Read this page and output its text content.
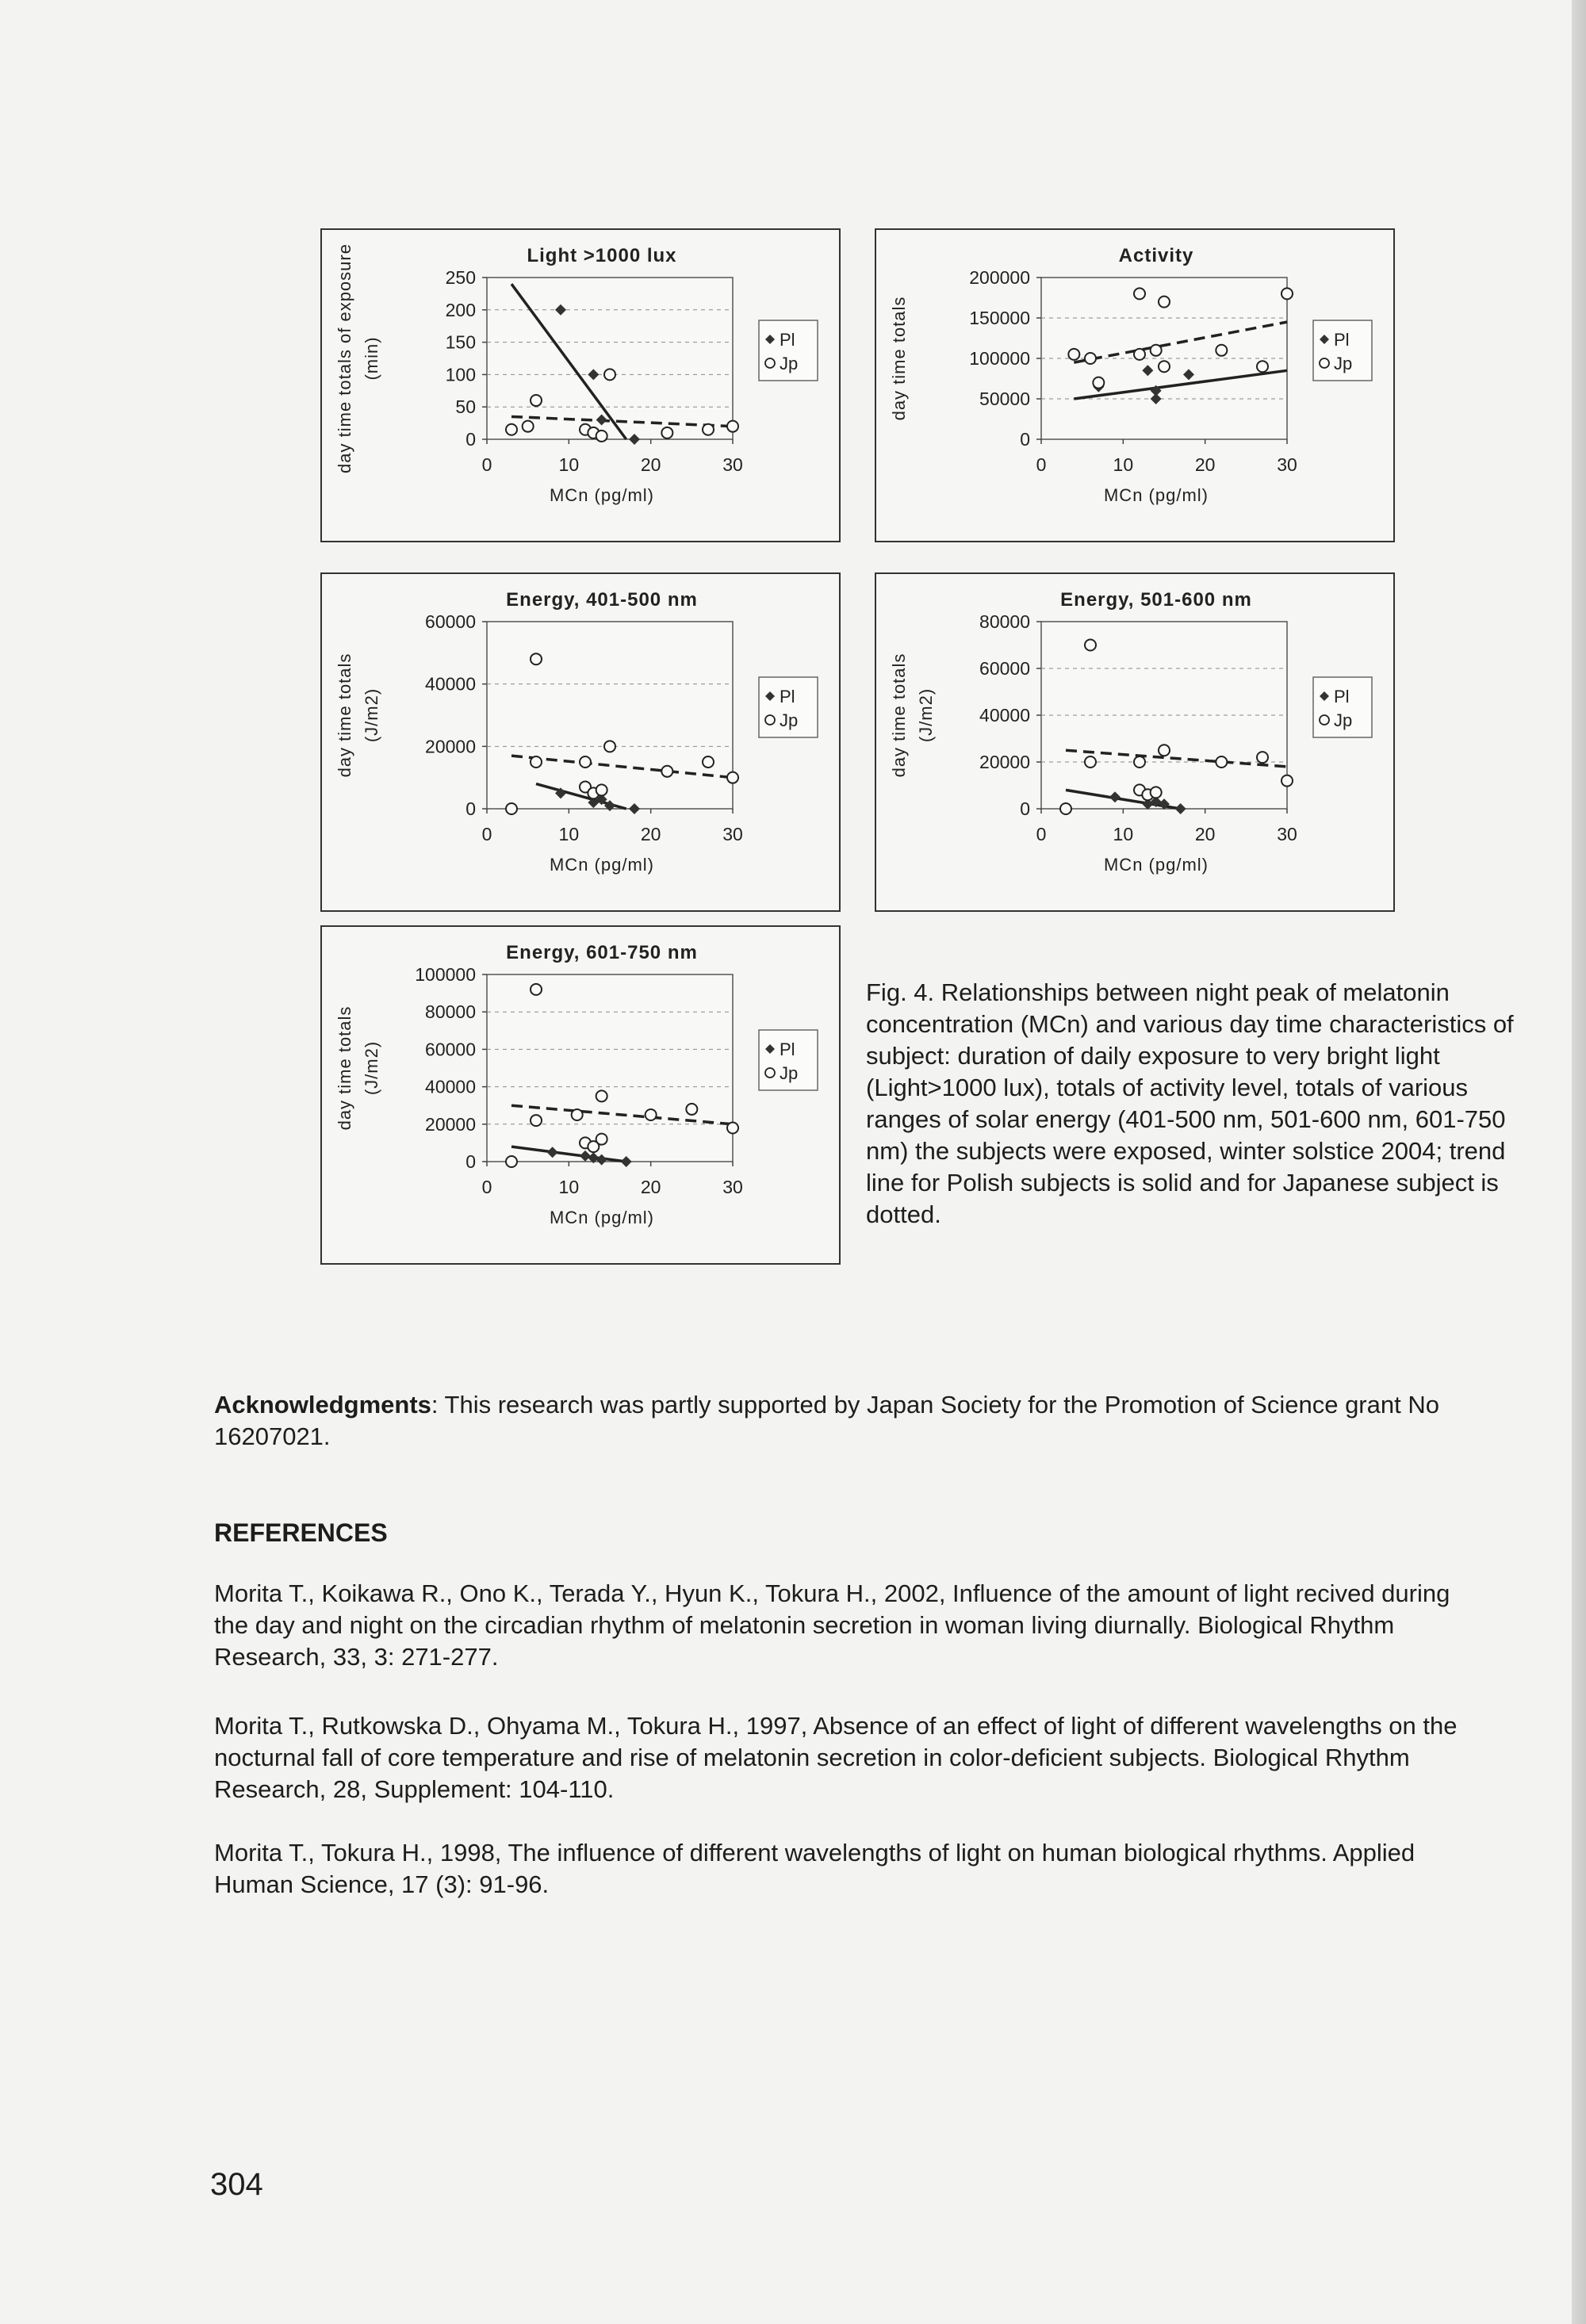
Light >1000 lux
0
50
100
150
200
250
0	10	20	30
MCn (pg/ml)
day time totals of exposure (min)	Pl
Jp
Activity
0
50000
100000
150000
200000
0	10	20	30
MCn (pg/ml)
day time totals	Pl
Jp
Energy, 401-500 nm
0
20000
40000
60000
0	10	20	30
MCn (pg/ml)
day time totals (J/m2)	Pl
Jp
Energy, 501-600 nm
0
20000
40000
60000
80000
0	10	20	30
MCn (pg/ml)
day time totals (J/m2)	Pl
Jp
Energy, 601-750 nm
0
20000
40000
60000
80000
100000
0	10	20	30
MCn (pg/ml)
day time totals (J/m2)	Pl
Jp
Fig. 4. Relationships between night peak of melatonin concentration (MCn) and various day time characteristics of subject: duration of daily exposure to very bright light (Light>1000 lux), totals of activity level, totals of various ranges of solar energy (401-500 nm, 501-600 nm, 601-750 nm) the subjects were exposed, winter solstice 2004; trend line for Polish subjects is solid and for Japanese subject is dotted.
Acknowledgments: This research was partly supported by Japan Society for the Promotion of Science grant No 16207021.
REFERENCES
Morita T., Koikawa R., Ono K., Terada Y., Hyun K., Tokura H., 2002, Influence of the amount of light recived during the day and night on the circadian rhythm of melatonin secretion in woman living diurnally. Biological Rhythm Research, 33, 3: 271-277.
Morita T., Rutkowska D., Ohyama M., Tokura H., 1997, Absence of an effect of light of different wavelengths on the nocturnal fall of core temperature and rise of melatonin secretion in color-deficient subjects. Biological Rhythm Research, 28, Supplement: 104-110.
Morita T., Tokura H., 1998, The influence of different wavelengths of light on human biological rhythms. Applied Human Science, 17 (3): 91-96.
304
